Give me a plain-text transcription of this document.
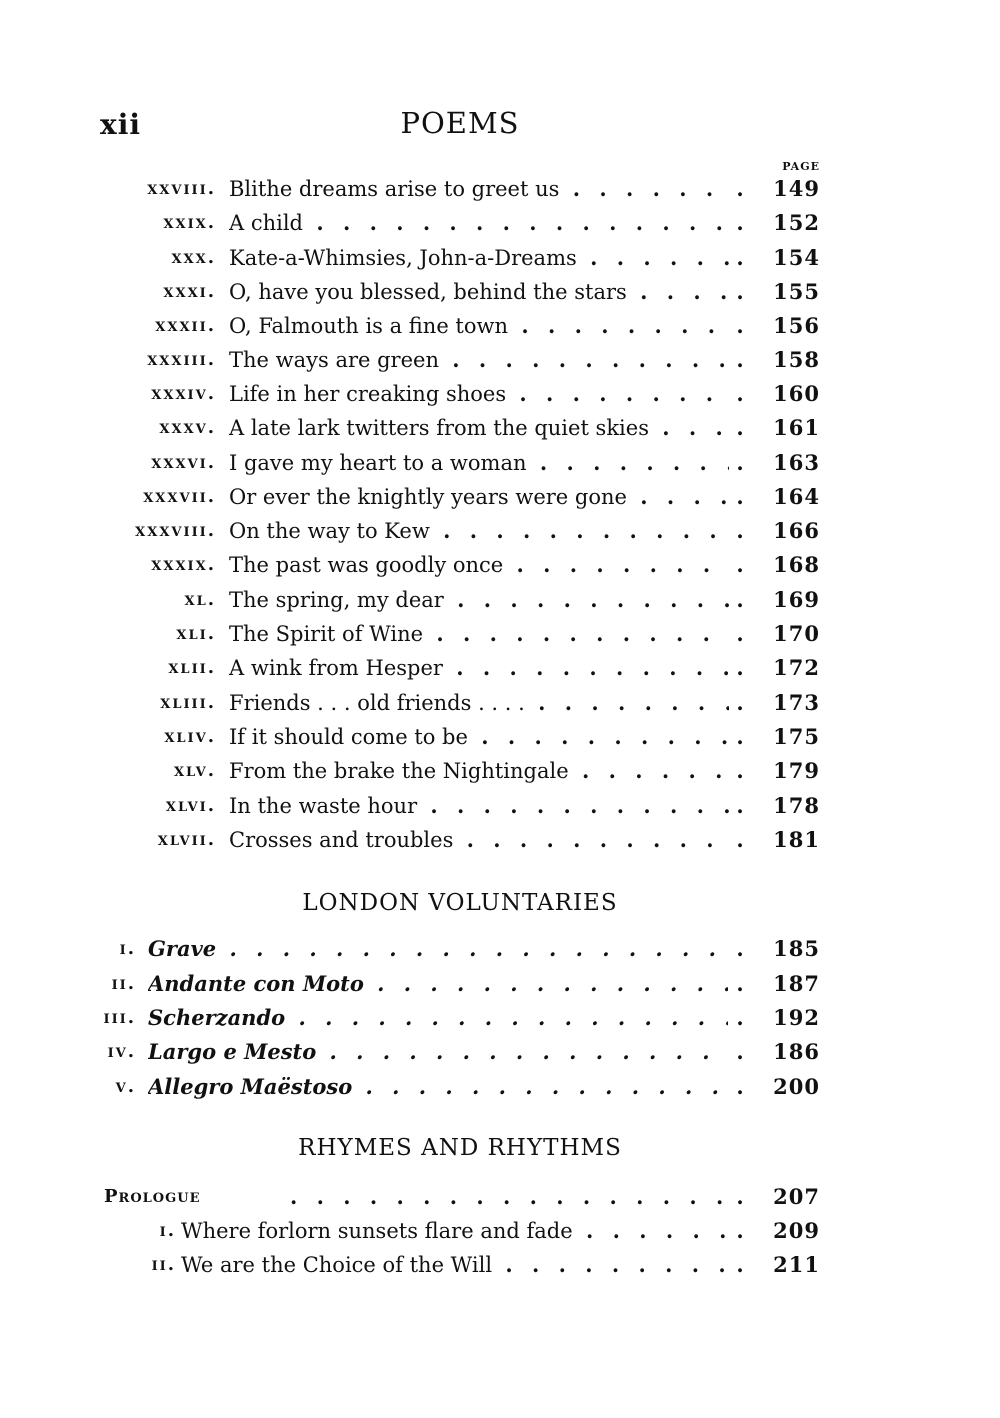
xii	POEMS
PAGE
xxviii. Blithe dreams arise to greet us . .	.	149
xxix. A child . .	.	152
xxx. Kate-a-Whimsies, John-a-Dreams . .	.	154
xxxi. O, have you blessed, behind the stars . .	.	155
xxxii. O, Falmouth is a fine town . .	.	156
xxxiii. The ways are green . .	.	158
xxxiv. Life in her creaking shoes . .	.	160
xxxv. A late lark twitters from the quiet skies . .	.	161
xxxvi. I gave my heart to a woman . .	.	163
xxxvii. Or ever the knightly years were gone . .	.	164
xxxviii. On the way to Kew . .	.	166
xxxix. The past was goodly once . .	.	168
xl. The spring, my dear . .	.	169
xli. The Spirit of Wine . .	.	170
xlii. A wink from Hesper . .	.	172
xliii. Friends . . . old friends . . . . . .	.	173
xliv. If it should come to be . .	.	175
xlv. From the brake the Nightingale . .	.	179
xlvi. In the waste hour . .	.	178
xlvii. Crosses and troubles . .	.	181
LONDON VOLUNTARIES
i. Grave . .	.	185
ii. Andante con Moto . .	.	187
iii. Scherzando . .	.	192
iv. Largo e Mesto . .	.	186
v. Allegro Maëstoso . .	.	200
RHYMES AND RHYTHMS
Prologue
. .	.	207
i. Where forlorn sunsets flare and fade . .	.	209
ii. We are the Choice of the Will . .	.	211
